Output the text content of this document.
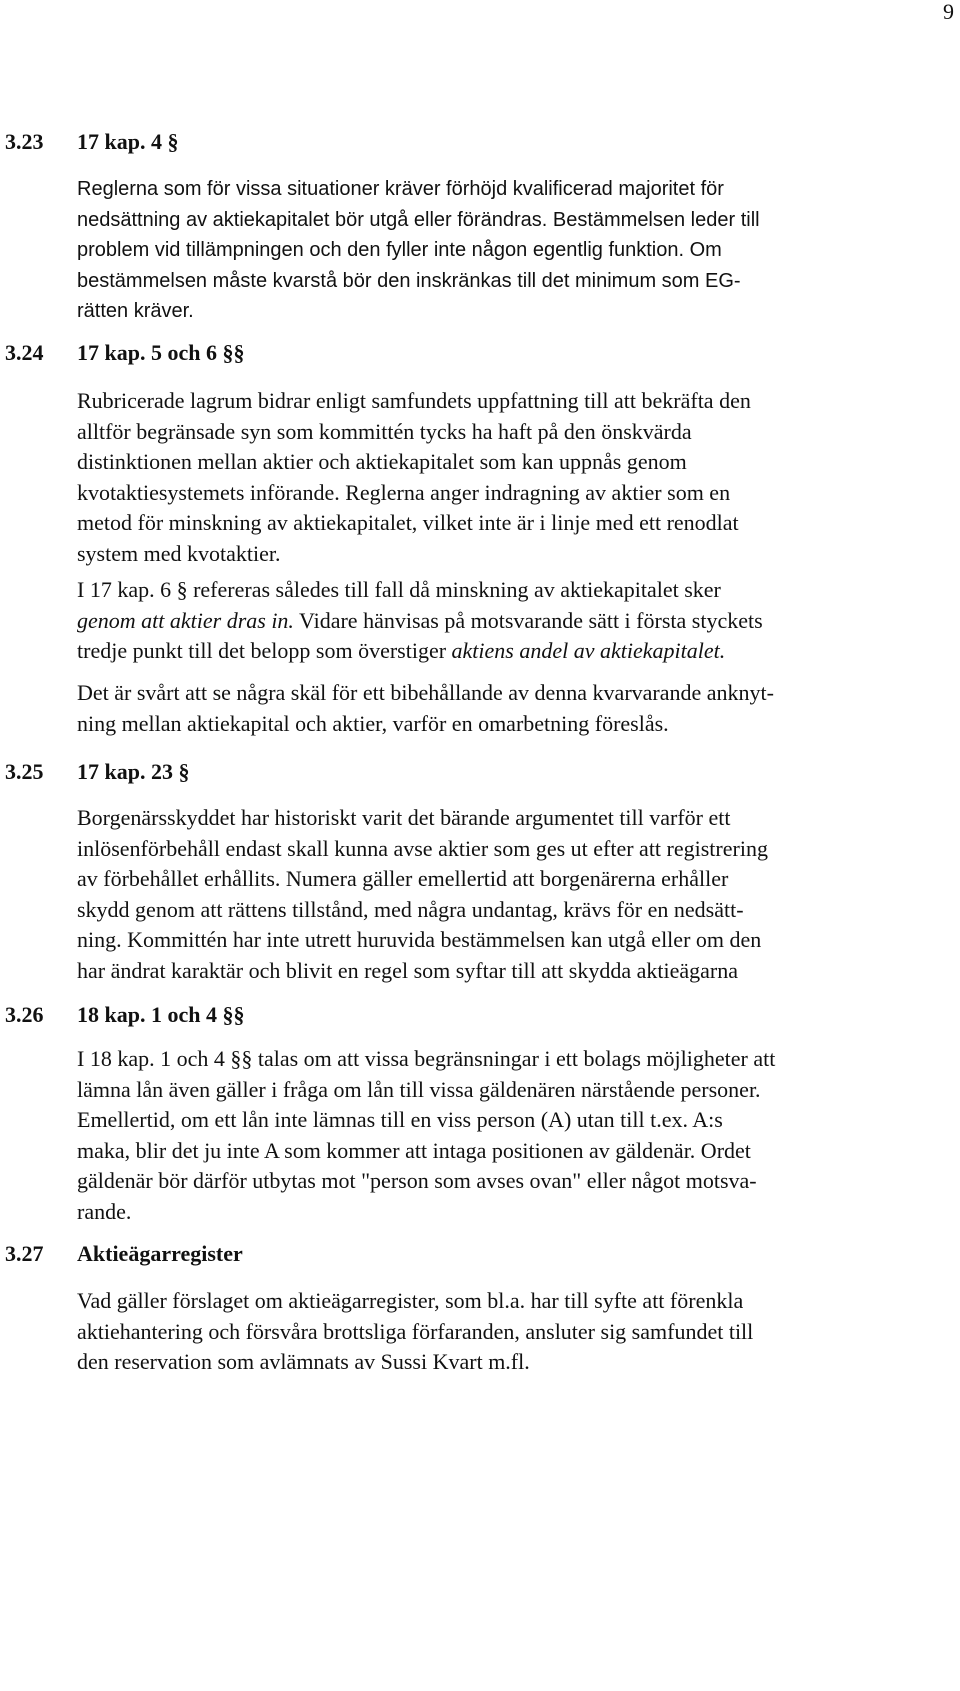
9
3.23 17 kap. 4 §
Reglerna som för vissa situationer kräver förhöjd kvalificerad majoritet för
nedsättning av aktiekapitalet bör utgå eller förändras. Bestämmelsen leder till
problem vid tillämpningen och den fyller inte någon egentlig funktion. Om
bestämmelsen måste kvarstå bör den inskränkas till det minimum som EG-
rätten kräver.
3.24 17 kap. 5 och 6 §§
Rubricerade lagrum bidrar enligt samfundets uppfattning till att bekräfta den
alltför begränsade syn som kommittén tycks ha haft på den önskvärda
distinktionen mellan aktier och aktiekapitalet som kan uppnås genom
kvotaktiesystemets införande. Reglerna anger indragning av aktier som en
metod för minskning av aktiekapitalet, vilket inte är i linje med ett renodlat
system med kvotaktier.
I 17 kap. 6 § refereras således till fall då minskning av aktiekapitalet sker
genom att aktier dras in. Vidare hänvisas på motsvarande sätt i första styckets
tredje punkt till det belopp som överstiger aktiens andel av aktiekapitalet.
Det är svårt att se några skäl för ett bibehållande av denna kvarvarande anknyt-
ning mellan aktiekapital och aktier, varför en omarbetning föreslås.
3.25 17 kap. 23 §
Borgenärsskyddet har historiskt varit det bärande argumentet till varför ett
inlösenförbehåll endast skall kunna avse aktier som ges ut efter att registrering
av förbehållet erhållits. Numera gäller emellertid att borgenärerna erhåller
skydd genom att rättens tillstånd, med några undantag, krävs för en nedsätt-
ning. Kommittén har inte utrett huruvida bestämmelsen kan utgå eller om den
har ändrat karaktär och blivit en regel som syftar till att skydda aktieägarna
3.26 18 kap. 1 och 4 §§
I 18 kap. 1 och 4 §§ talas om att vissa begränsningar i ett bolags möjligheter att
lämna lån även gäller i fråga om lån till vissa gäldenären närstående personer.
Emellertid, om ett lån inte lämnas till en viss person (A) utan till t.ex. A:s
maka, blir det ju inte A som kommer att intaga positionen av gäldenär. Ordet
gäldenär bör därför utbytas mot "person som avses ovan" eller något motsva-
rande.
3.27 Aktieägarregister
Vad gäller förslaget om aktieägarregister, som bl.a. har till syfte att förenkla
aktiehantering och försvåra brottsliga förfaranden, ansluter sig samfundet till
den reservation som avlämnats av Sussi Kvart m.fl.
